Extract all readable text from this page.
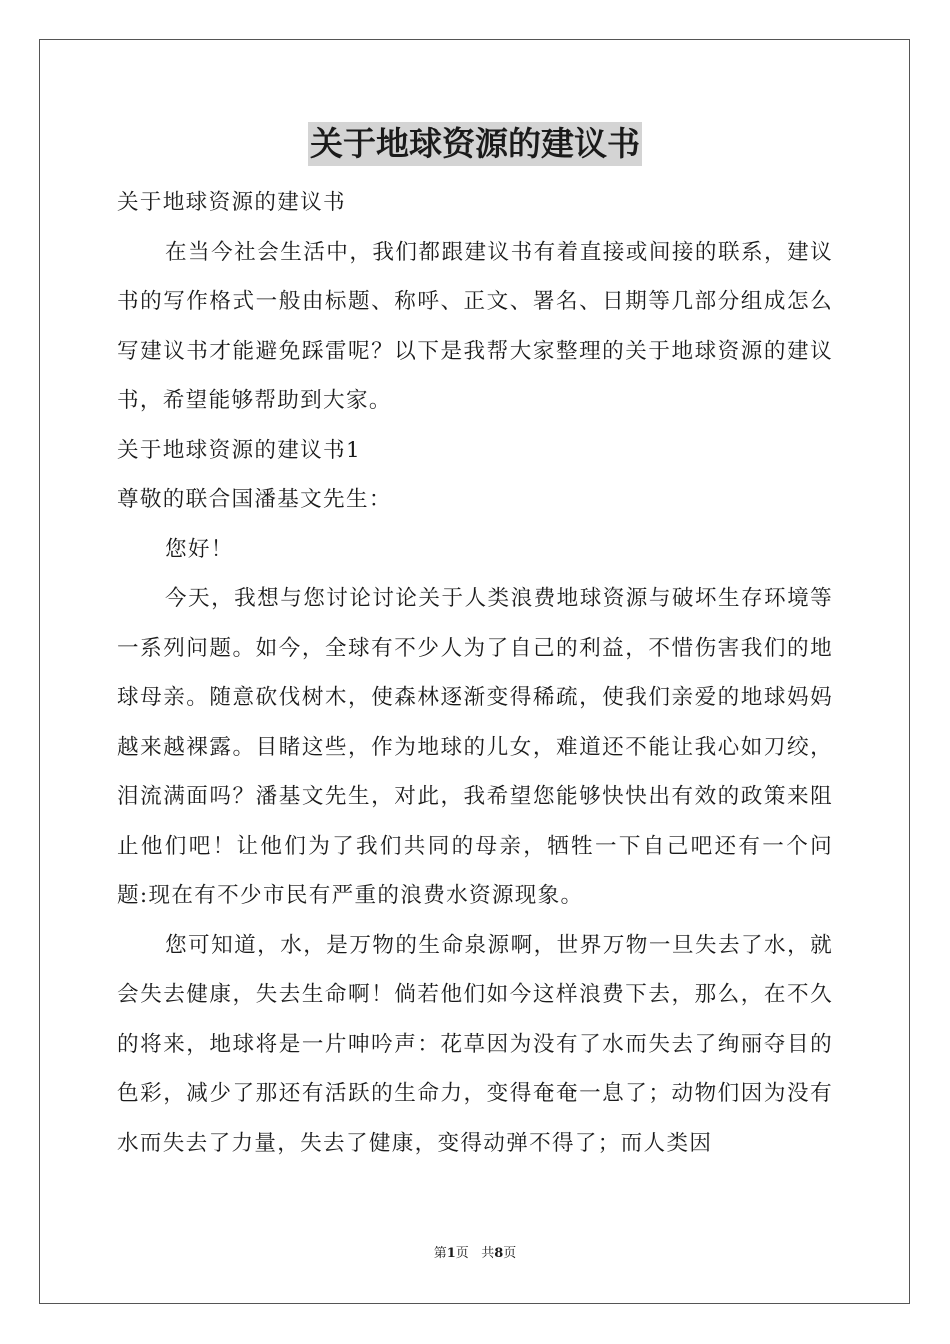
关于地球资源的建议书

关于地球资源的建议书

在当今社会生活中，我们都跟建议书有着直接或间接的联系，建议书的写作格式一般由标题、称呼、正文、署名、日期等几部分组成怎么写建议书才能避免踩雷呢？以下是我帮大家整理的关于地球资源的建议书，希望能够帮助到大家。

关于地球资源的建议书1

尊敬的联合国潘基文先生：

您好！

今天，我想与您讨论讨论关于人类浪费地球资源与破坏生存环境等一系列问题。如今，全球有不少人为了自己的利益，不惜伤害我们的地球母亲。随意砍伐树木，使森林逐渐变得稀疏，使我们亲爱的地球妈妈越来越裸露。目睹这些，作为地球的儿女，难道还不能让我心如刀绞，泪流满面吗？潘基文先生，对此，我希望您能够快快出有效的政策来阻止他们吧！让他们为了我们共同的母亲，牺牲一下自己吧还有一个问题:现在有不少市民有严重的浪费水资源现象。

您可知道，水，是万物的生命泉源啊，世界万物一旦失去了水，就会失去健康，失去生命啊！倘若他们如今这样浪费下去，那么，在不久的将来，地球将是一片呻吟声：花草因为没有了水而失去了绚丽夺目的色彩，减少了那还有活跃的生命力，变得奄奄一息了；动物们因为没有水而失去了力量，失去了健康，变得动弹不得了；而人类因

第1页 共8页
